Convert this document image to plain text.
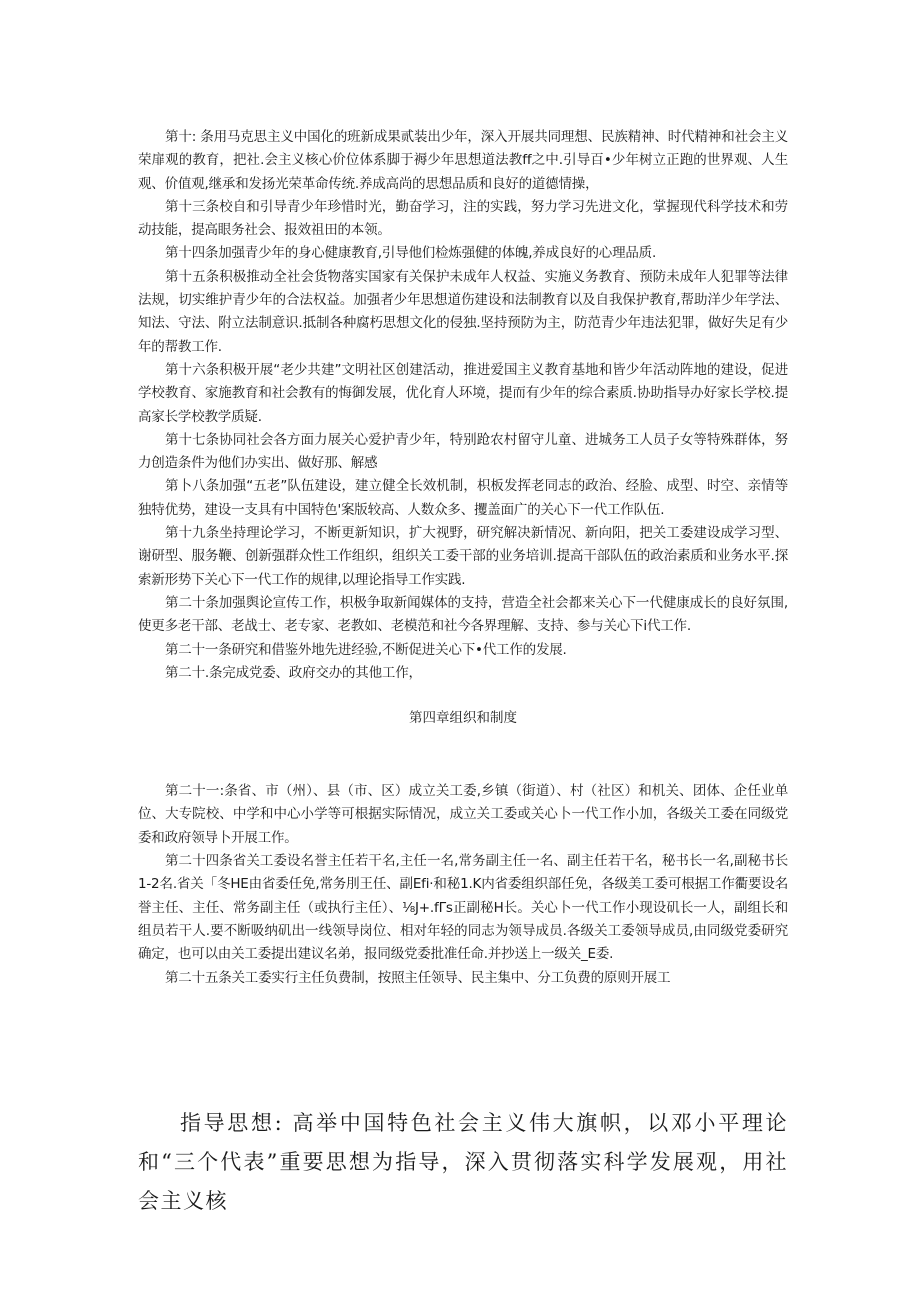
第十: 条用马克思主义中国化的班新成果贰装出少年，深入开展共同理想、民族精神、时代精神和社会主义荣扉观的教育，把社.会主义核心价位体系脚于褥少年思想道法教ff之中.引导百•少年树立正跑的世界观、人生观、价值观,继承和发扬光荣革命传统.养成高尚的思想品质和良好的道德情操，

第十三条校自和引导青少年珍惜时光，勤奋学习，注的实践，努力学习先进文化，掌握现代科学技术和劳动技能，提高眼务社会、报效祖田的本领。

第十四条加强青少年的身心健康教育,引导他们检炼强健的体魄,养成良好的心理品质.

第十五条积极推动全社会货物落实国家有关保护未成年人权益、实施义务教育、预防未成年人犯罪等法律法规，切实维护青少年的合法权益。加强者少年思想道伤建设和法制教育以及自我保护教育,帮助洋少年学法、知法、守法、附立法制意识.抵制各种腐朽思想文化的侵独.坚持预防为主，防范青少年违法犯罪，做好失足有少年的帮教工作.

第十六条积极开展“老少共建”文明社区创建活动，推进爱国主义教育基地和皆少年活动阵地的建设，促进学校教育、家施教育和社会教有的悔御发展，优化育人环境，提而有少年的综合素质.协助指导办好家长学校.提高家长学校教学质疑.

第十七条协同社会各方面力展关心爱护青少年，特别跄农村留守儿童、进城务工人员子女等特殊群体，努力创造条件为他们办实出、做好那、解感

第卜八条加强“五老”队伍建设，建立健全长效机制，枳板发挥老同志的政治、经脸、成型、时空、亲情等独特优势，建设一支具有中国特色'案版较高、人数众多、攫盖面广的关心下一代工作队伍.

第十九条坐持理论学习，不断更新知识，扩大视野，研究解决新情况、新向阳，把关工委建设成学习型、谢研型、服务鞭、创新强群众性工作组织，组织关工委干部的业务培训.提高干部队伍的政治素质和业务水平.探索新形势下关心下一代工作的规律,以理论指导工作实践.

第二十条加强舆论宣传工作，枳极争取新闻媒体的支持，营造全社会都来关心下一代健康成长的良好氛围,使更多老干部、老战士、老专家、老教如、老模范和社今各界理解、支持、参与关心下i代工作.

第二十一条研究和借鉴外地先进经验,不断促进关心下•代工作的发展.

第二十.条完成党委、政府交办的其他工作，

第四章组织和制度

第二十一:条省、市（州）、县（市、区）成立关工委,乡镇（街道）、村（社区）和机关、团体、企任业单位、大专院校、中学和中心小学等可根据实际情况，成立关工委或关心卜一代工作小加，各级关工委在同级党委和政府领导卜开展工作。

第二十四条省关工委设名誉主任若干名,主任一名,常务副主任一名、副主任若干名，秘书长一名,副秘书长1-2名.省关「冬HE由省委任免,常务刖王任、副Efi·和秘1.K内省委组织部任免，各级美工委可根据工作衢要设名誉主任、主任、常务副主任（或执行主任）、⅛J+.fΓs正副秘H长。关心卜一代工作小现设矶长一人，副组长和组员若干人.要不断吸纳矶出一线领导岗位、相对年轻的同志为领导成员.各级关工委领导成员,由同级党委研究确定，也可以由关工委提出建议名弟，报同级党委批准任命.并抄送上一级关_E委.

第二十五条关工委实行主任负费制，按照主任领导、民主集中、分工负费的原则开展工

指导思想: 高举中国特色社会主义伟大旗帜，以邓小平理论和“三个代表”重要思想为指导，深入贯彻落实科学发展观，用社会主义核
